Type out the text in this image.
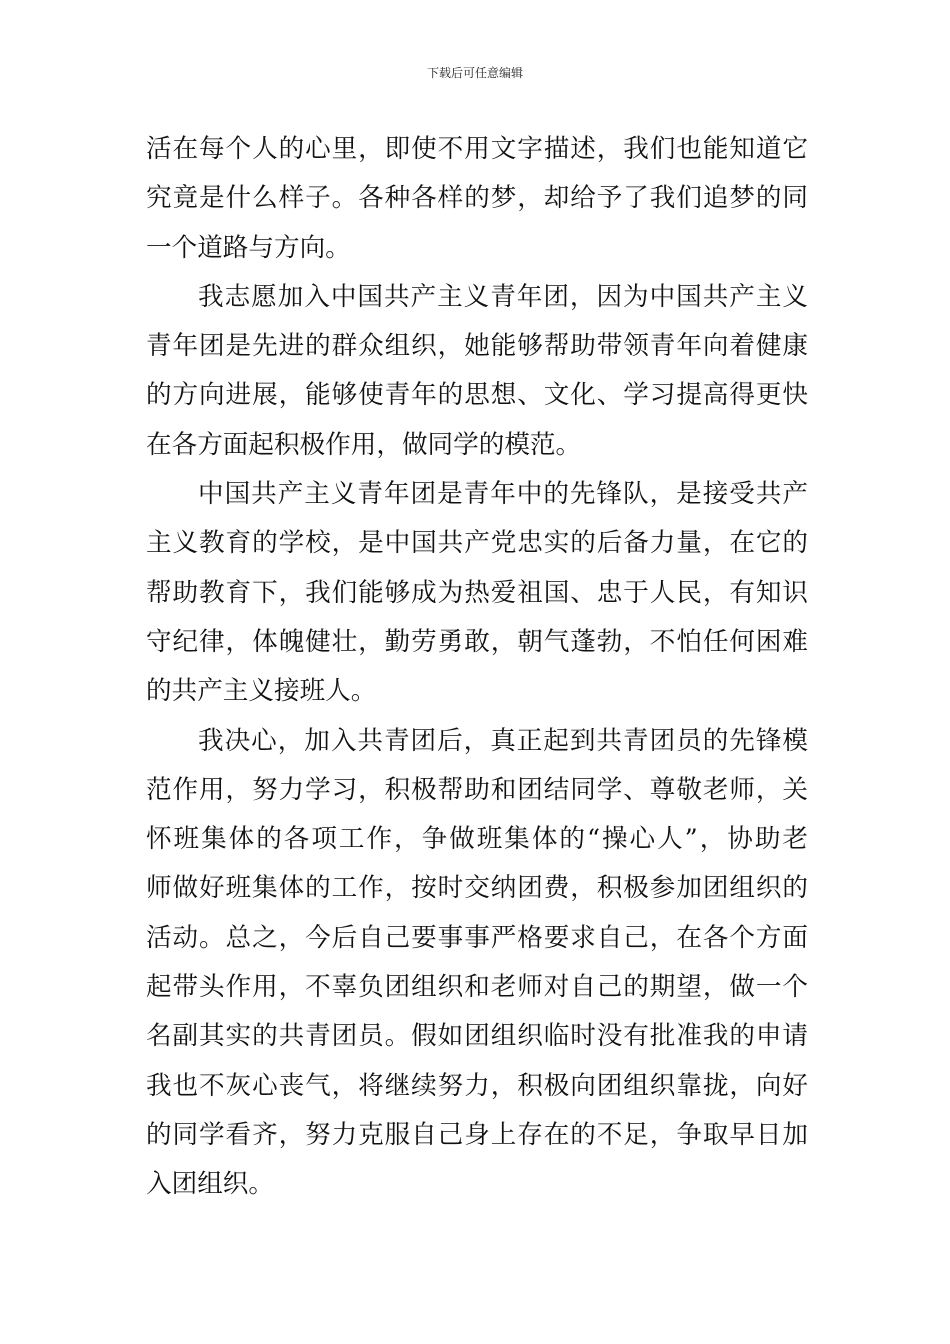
下载后可任意编辑
活在每个人的心里，即使不用文字描述，我们也能知道它
究竟是什么样子。各种各样的梦，却给予了我们追梦的同
一个道路与方向。
我志愿加入中国共产主义青年团，因为中国共产主义
青年团是先进的群众组织，她能够帮助带领青年向着健康
的方向进展，能够使青年的思想、文化、学习提高得更快
在各方面起积极作用，做同学的模范。
中国共产主义青年团是青年中的先锋队，是接受共产
主义教育的学校，是中国共产党忠实的后备力量，在它的
帮助教育下，我们能够成为热爱祖国、忠于人民，有知识
守纪律，体魄健壮，勤劳勇敢，朝气蓬勃，不怕任何困难
的共产主义接班人。
我决心，加入共青团后，真正起到共青团员的先锋模
范作用，努力学习，积极帮助和团结同学、尊敬老师，关
怀班集体的各项工作，争做班集体的“操心人”，协助老
师做好班集体的工作，按时交纳团费，积极参加团组织的
活动。总之，今后自己要事事严格要求自己，在各个方面
起带头作用，不辜负团组织和老师对自己的期望，做一个
名副其实的共青团员。假如团组织临时没有批准我的申请
我也不灰心丧气，将继续努力，积极向团组织靠拢，向好
的同学看齐，努力克服自己身上存在的不足，争取早日加
入团组织。
